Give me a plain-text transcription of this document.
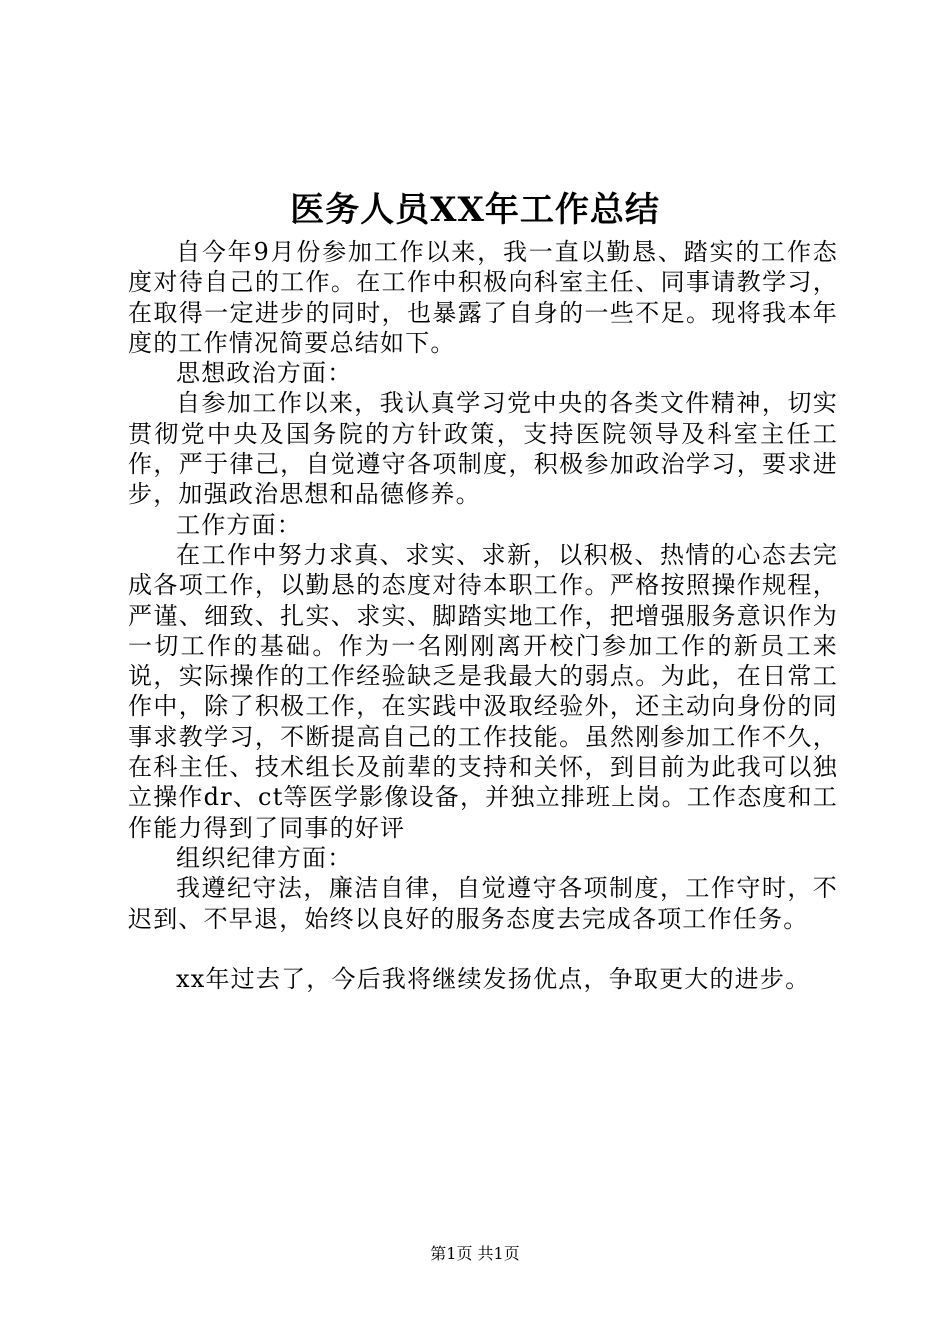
医务人员XX年工作总结

自今年9月份参加工作以来，我一直以勤恳、踏实的工作态度对待自己的工作。在工作中积极向科室主任、同事请教学习，在取得一定进步的同时，也暴露了自身的一些不足。现将我本年度的工作情况简要总结如下。

思想政治方面：

自参加工作以来，我认真学习党中央的各类文件精神，切实贯彻党中央及国务院的方针政策，支持医院领导及科室主任工作，严于律己，自觉遵守各项制度，积极参加政治学习，要求进步，加强政治思想和品德修养。

工作方面：

在工作中努力求真、求实、求新，以积极、热情的心态去完成各项工作，以勤恳的态度对待本职工作。严格按照操作规程，严谨、细致、扎实、求实、脚踏实地工作，把增强服务意识作为一切工作的基础。作为一名刚刚离开校门参加工作的新员工来说，实际操作的工作经验缺乏是我最大的弱点。为此，在日常工作中，除了积极工作，在实践中汲取经验外，还主动向身份的同事求教学习，不断提高自己的工作技能。虽然刚参加工作不久，在科主任、技术组长及前辈的支持和关怀，到目前为此我可以独立操作dr、ct等医学影像设备，并独立排班上岗。工作态度和工作能力得到了同事的好评

组织纪律方面：

我遵纪守法，廉洁自律，自觉遵守各项制度，工作守时，不迟到、不早退，始终以良好的服务态度去完成各项工作任务。

xx年过去了，今后我将继续发扬优点，争取更大的进步。

第1页 共1页
